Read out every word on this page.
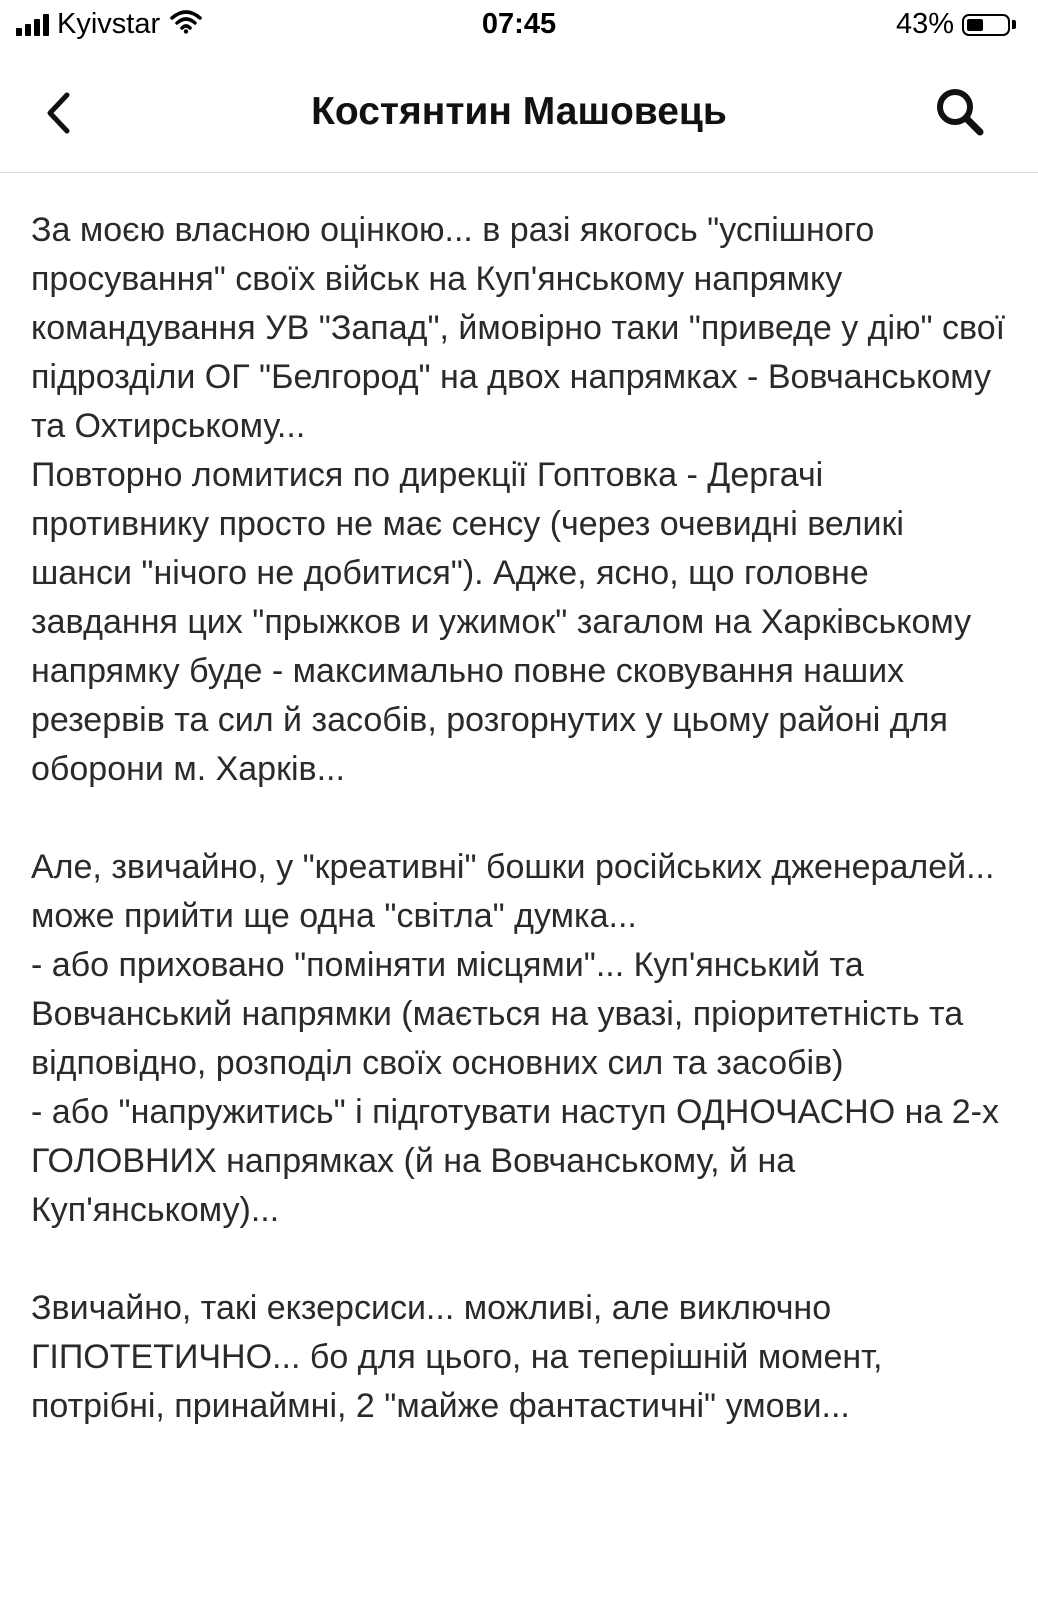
Kyivstar	07:45	43%
Костянтин Машовець

За моєю власною оцінкою... в разі якогось "успішного просування" своїх військ на Куп'янському напрямку командування УВ "Запад", ймовірно таки "приведе у дію" свої підрозділи ОГ "Белгород" на двох напрямках - Вовчанському та Охтирському...
Повторно ломитися по дирекції Гоптовка - Дергачі противнику просто не має сенсу (через очевидні великі шанси "нічого не добитися"). Адже, ясно, що головне завдання цих "прыжков и ужимок" загалом на Харківському напрямку буде - максимально повне сковування наших резервів та сил й засобів, розгорнутих у цьому районі для оборони м. Харків...

Але, звичайно, у "креативні" бошки російських дженералей... може прийти ще одна "світла" думка...
- або приховано "поміняти місцями"... Куп'янський та Вовчанський напрямки (мається на увазі, пріоритетність та відповідно, розподіл своїх основних сил та засобів)
- або "напружитись" і підготувати наступ ОДНОЧАСНО на 2-х ГОЛОВНИХ напрямках (й на Вовчанському, й на Куп'янському)...

Звичайно, такі екзерсиси... можливі, але виключно ГІПОТЕТИЧНО... бо для цього, на теперішній момент, потрібні, принаймні, 2 "майже фантастичні" умови...
